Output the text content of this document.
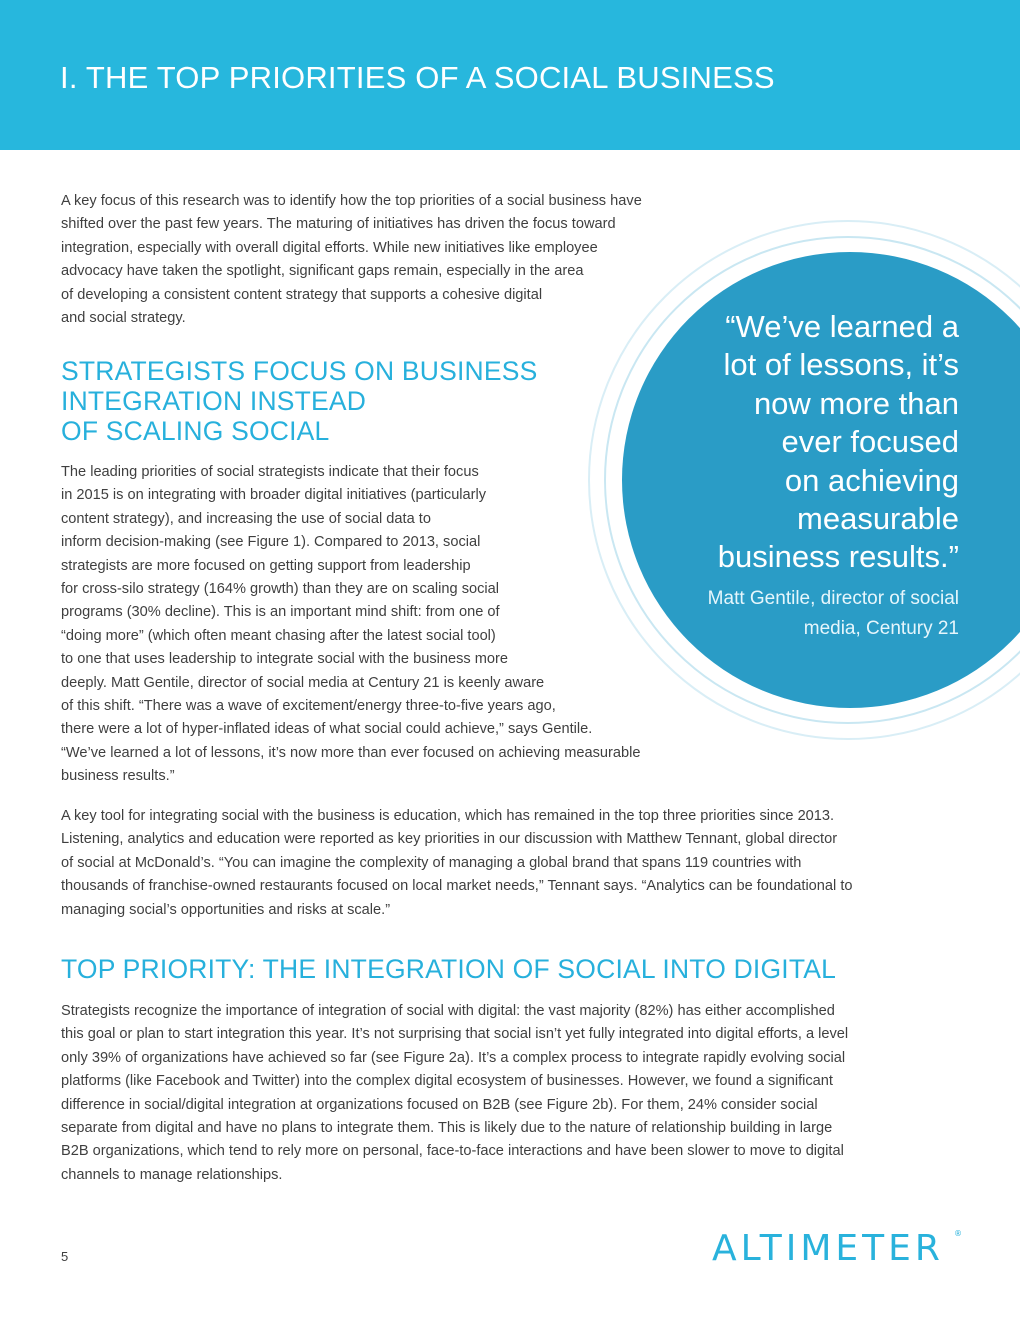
I. THE TOP PRIORITIES OF A SOCIAL BUSINESS
A key focus of this research was to identify how the top priorities of a social business have
shifted over the past few years. The maturing of initiatives has driven the focus toward
integration, especially with overall digital efforts. While new initiatives like employee
advocacy have taken the spotlight, significant gaps remain, especially in the area
of developing a consistent content strategy that supports a cohesive digital
and social strategy.
STRATEGISTS FOCUS ON BUSINESS
INTEGRATION INSTEAD
OF SCALING SOCIAL
The leading priorities of social strategists indicate that their focus
in 2015 is on integrating with broader digital initiatives (particularly
content strategy), and increasing the use of social data to
inform decision-making (see Figure 1). Compared to 2013, social
strategists are more focused on getting support from leadership
for cross-silo strategy (164% growth) than they are on scaling social
programs (30% decline). This is an important mind shift: from one of
“doing more” (which often meant chasing after the latest social tool)
to one that uses leadership to integrate social with the business more
deeply. Matt Gentile, director of social media at Century 21 is keenly aware
of this shift. “There was a wave of excitement/energy three-to-five years ago,
there were a lot of hyper-inflated ideas of what social could achieve,” says Gentile.
“We’ve learned a lot of lessons, it’s now more than ever focused on achieving measurable
business results.”
“We’ve learned a
lot of lessons, it’s
now more than
ever focused
on achieving
measurable
business results.”
Matt Gentile, director of social
media, Century 21
A key tool for integrating social with the business is education, which has remained in the top three priorities since 2013.
Listening, analytics and education were reported as key priorities in our discussion with Matthew Tennant, global director
of social at McDonald’s. “You can imagine the complexity of managing a global brand that spans 119 countries with
thousands of franchise-owned restaurants focused on local market needs,” Tennant says. “Analytics can be foundational to
managing social’s opportunities and risks at scale.”
TOP PRIORITY: THE INTEGRATION OF SOCIAL INTO DIGITAL
Strategists recognize the importance of integration of social with digital: the vast majority (82%) has either accomplished
this goal or plan to start integration this year. It’s not surprising that social isn’t yet fully integrated into digital efforts, a level
only 39% of organizations have achieved so far (see Figure 2a). It’s a complex process to integrate rapidly evolving social
platforms (like Facebook and Twitter) into the complex digital ecosystem of businesses. However, we found a significant
difference in social/digital integration at organizations focused on B2B (see Figure 2b). For them, 24% consider social
separate from digital and have no plans to integrate them. This is likely due to the nature of relationship building in large
B2B organizations, which tend to rely more on personal, face-to-face interactions and have been slower to move to digital
channels to manage relationships.
5	ALTIMETER ®
